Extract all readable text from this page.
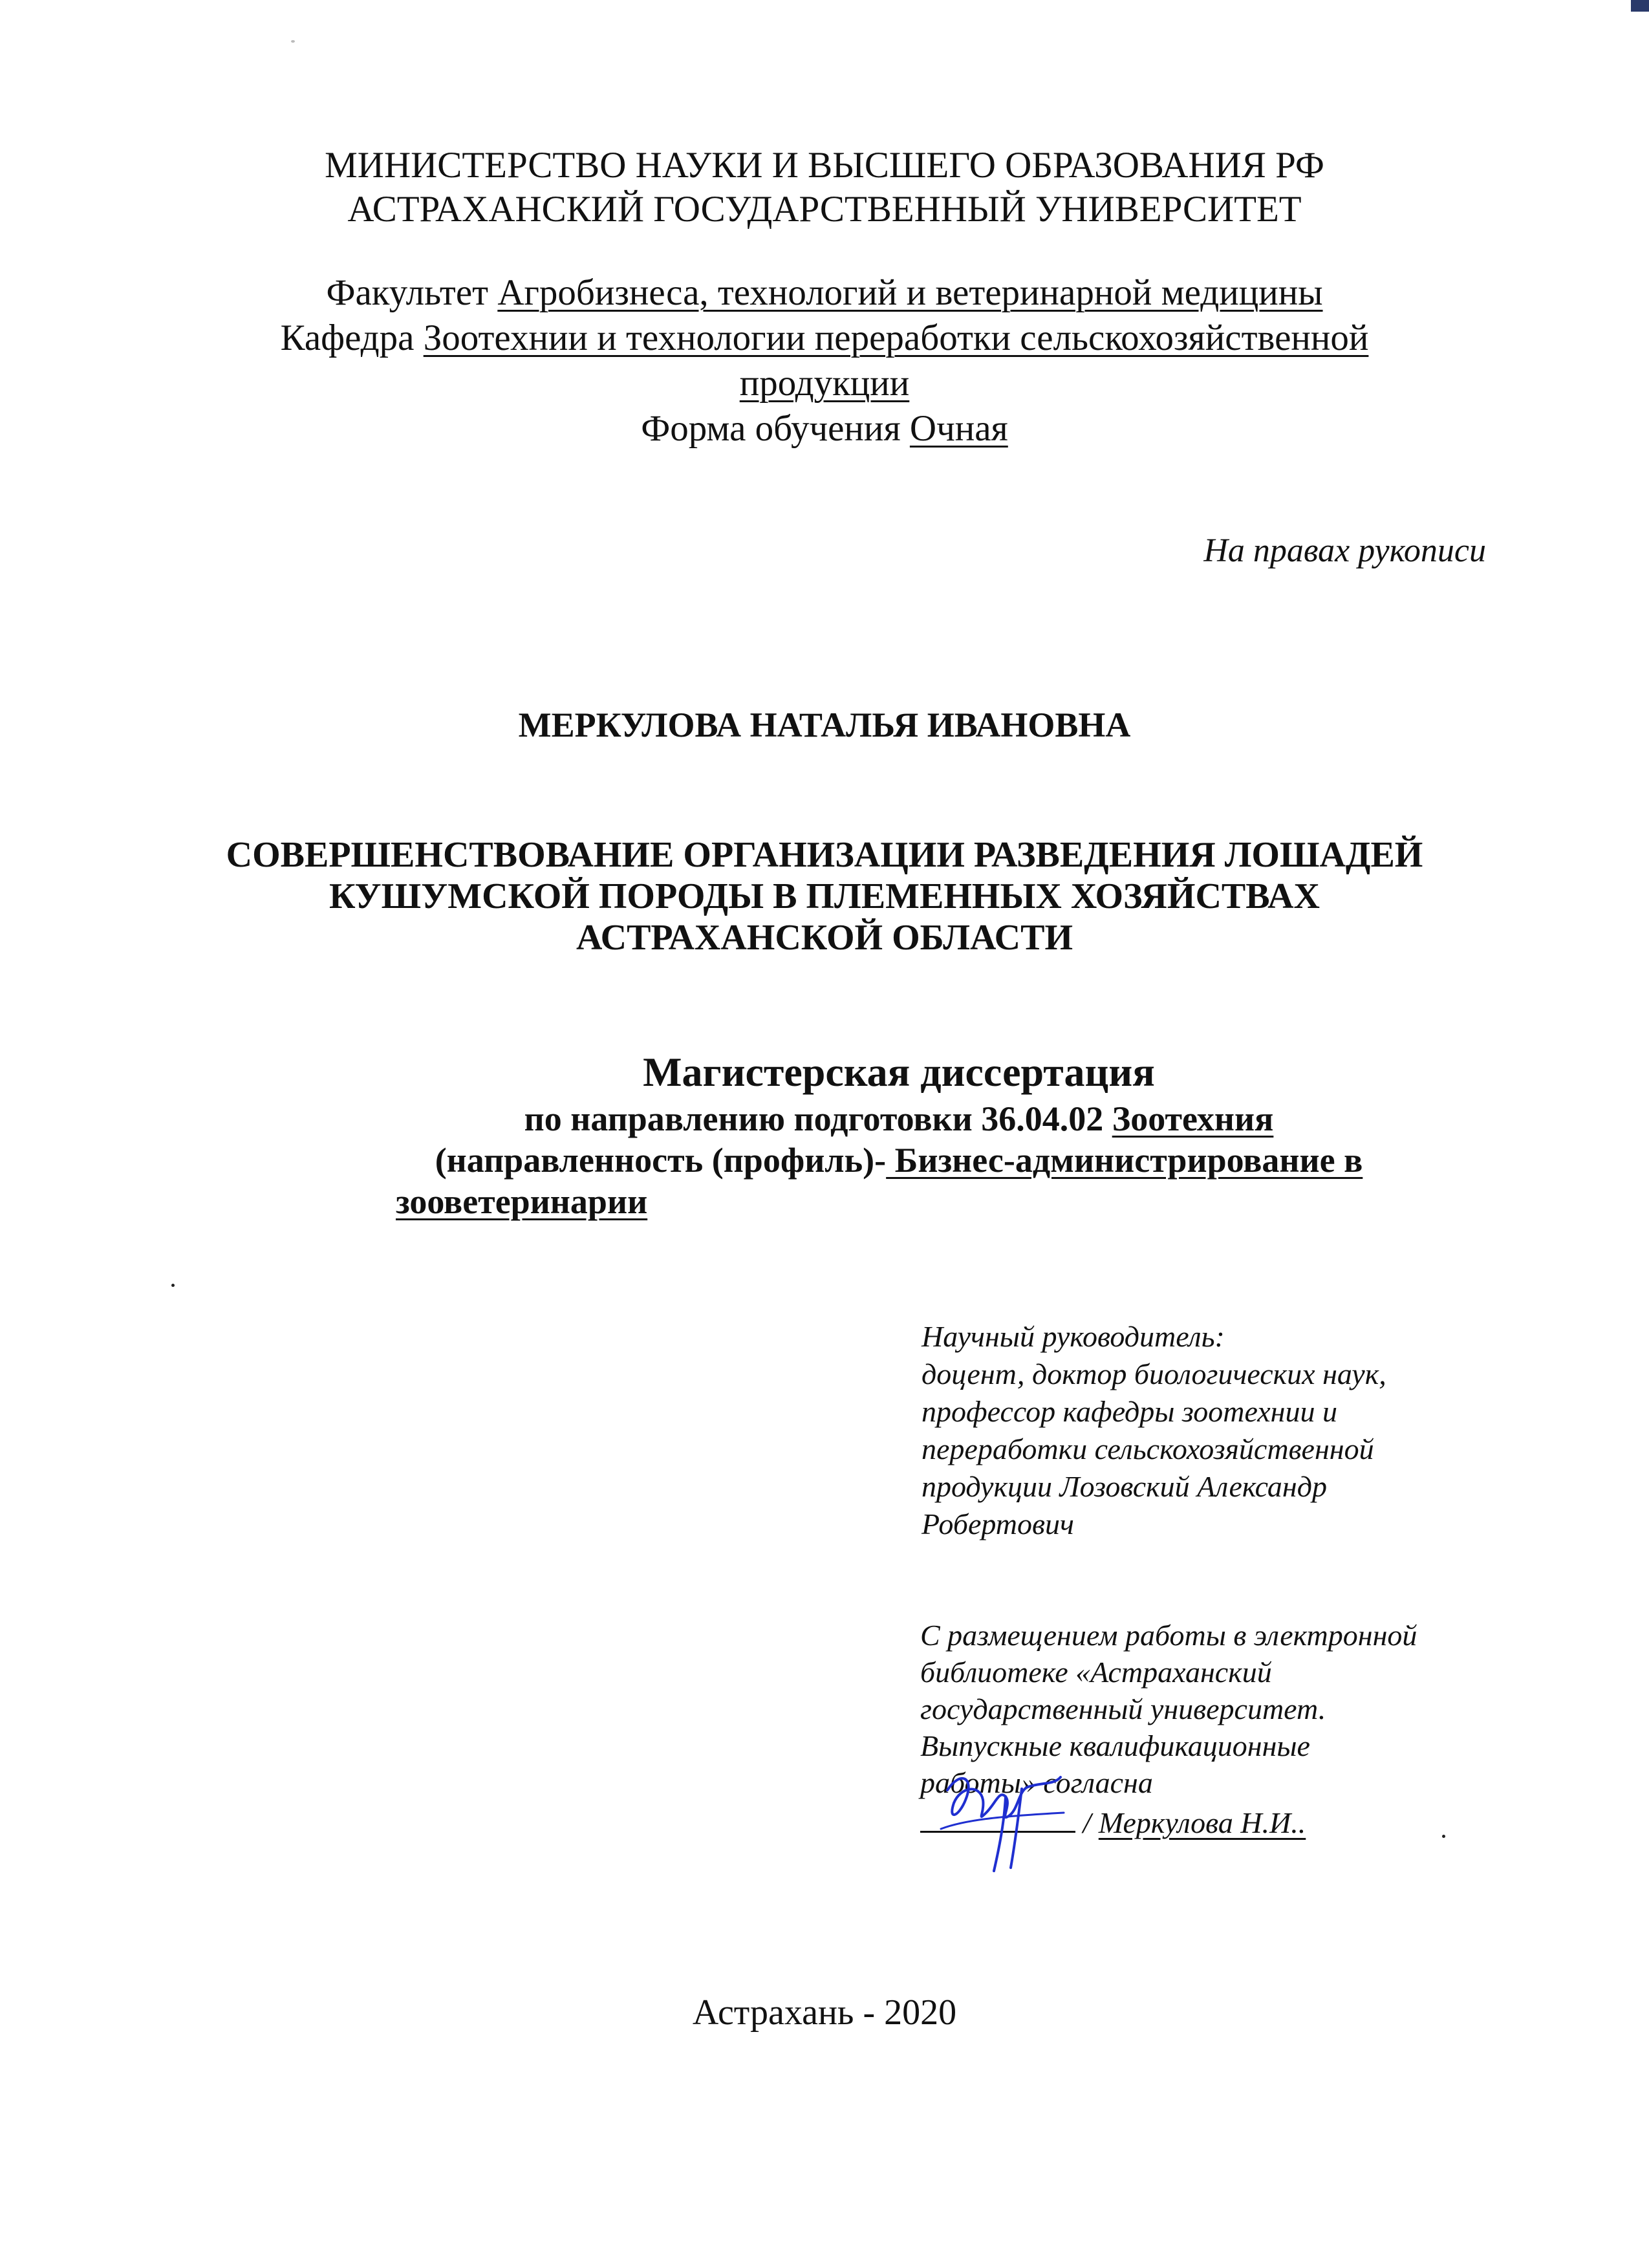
МИНИСТЕРСТВО НАУКИ И ВЫСШЕГО ОБРАЗОВАНИЯ РФ
АСТРАХАНСКИЙ ГОСУДАРСТВЕННЫЙ УНИВЕРСИТЕТ
Факультет Агробизнеса, технологий и ветеринарной медицины
Кафедра Зоотехнии и технологии переработки сельскохозяйственной
продукции
Форма обучения Очная
На правах рукописи
МЕРКУЛОВА НАТАЛЬЯ ИВАНОВНА
СОВЕРШЕНСТВОВАНИЕ ОРГАНИЗАЦИИ РАЗВЕДЕНИЯ ЛОШАДЕЙ
КУШУМСКОЙ ПОРОДЫ В ПЛЕМЕННЫХ ХОЗЯЙСТВАХ
АСТРАХАНСКОЙ ОБЛАСТИ
Магистерская диссертация
по направлению подготовки 36.04.02 Зоотехния
(направленность (профиль)- Бизнес-администрирование в
зооветеринарии
Научный руководитель:
доцент, доктор биологических наук,
профессор кафедры зоотехнии и
переработки сельскохозяйственной
продукции Лозовский Александр
Робертович
С размещением работы в электронной
библиотеке «Астраханский
государственный университет.
Выпускные квалификационные
работы» согласна
/ Меркулова Н.И..
Астрахань - 2020
